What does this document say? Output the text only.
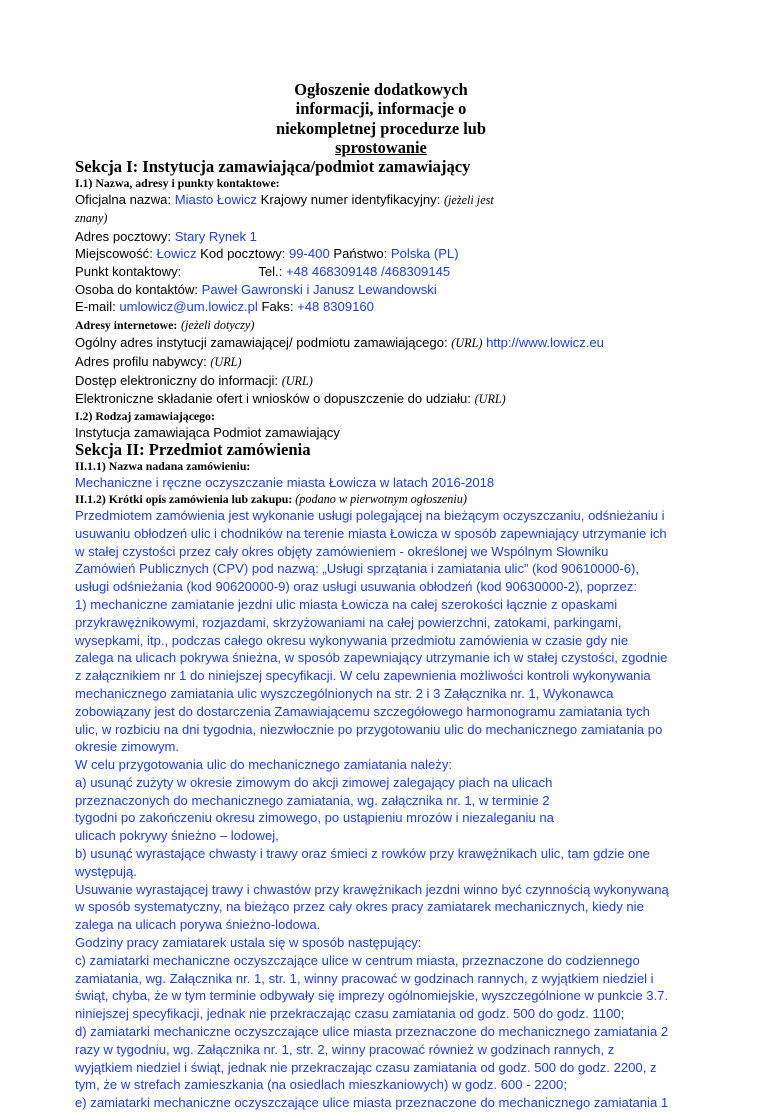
Ogłoszenie dodatkowych
informacji, informacje o
niekompletnej procedurze lub
sprostowanie
Sekcja I: Instytucja zamawiająca/podmiot zamawiający
I.1) Nazwa, adresy i punkty kontaktowe:
Oficjalna nazwa: Miasto Łowicz Krajowy numer identyfikacyjny: (jeżeli jest
znany)
Adres pocztowy: Stary Rynek 1
Miejscowość: Łowicz Kod pocztowy: 99-400 Państwo: Polska (PL)
Punkt kontaktowy:	Tel.: +48 468309148 /468309145
Osoba do kontaktów: Paweł Gawronski i Janusz Lewandowski
E-mail: umlowicz@um.lowicz.pl Faks: +48 8309160
Adresy internetowe: (jeżeli dotyczy)
Ogólny adres instytucji zamawiającej/ podmiotu zamawiającego: (URL) http://www.lowicz.eu
Adres profilu nabywcy: (URL)
Dostęp elektroniczny do informacji: (URL)
Elektroniczne składanie ofert i wniosków o dopuszczenie do udziału: (URL)
I.2) Rodzaj zamawiającego:
Instytucja zamawiająca Podmiot zamawiający
Sekcja II: Przedmiot zamówienia
II.1.1) Nazwa nadana zamówieniu:
Mechaniczne i ręczne oczyszczanie miasta Łowicza w latach 2016-2018
II.1.2) Krótki opis zamówienia lub zakupu: (podano w pierwotnym ogłoszeniu)
Przedmiotem zamówienia jest wykonanie usługi polegającej na bieżącym oczyszczaniu, odśnieżaniu i
usuwaniu obłodzeń ulic i chodników na terenie miasta Łowicza w sposób zapewniający utrzymanie ich
w stałej czystości przez cały okres objęty zamówieniem - określonej we Wspólnym Słowniku
Zamówień Publicznych (CPV) pod nazwą: „Usługi sprzątania i zamiatania ulic” (kod 90610000-6),
usługi odśnieżania (kod 90620000-9) oraz usługi usuwania obłodzeń (kod 90630000-2), poprzez:
1) mechaniczne zamiatanie jezdni ulic miasta Łowicza na całej szerokości łącznie z opaskami
przykrawężnikowymi, rozjazdami, skrzyżowaniami na całej powierzchni, zatokami, parkingami,
wysepkami, itp., podczas całego okresu wykonywania przedmiotu zamówienia w czasie gdy nie
zalega na ulicach pokrywa śnieżna, w sposób zapewniający utrzymanie ich w stałej czystości, zgodnie
z załącznikiem nr 1 do niniejszej specyfikacji. W celu zapewnienia możliwości kontroli wykonywania
mechanicznego zamiatania ulic wyszczególnionych na str. 2 i 3 Załącznika nr. 1, Wykonawca
zobowiązany jest do dostarczenia Zamawiającemu szczegółowego harmonogramu zamiatania tych
ulic, w rozbiciu na dni tygodnia, niezwłocznie po przygotowaniu ulic do mechanicznego zamiatania po
okresie zimowym.
W celu przygotowania ulic do mechanicznego zamiatania należy:
a) usunąć zużyty w okresie zimowym do akcji zimowej zalegający piach na ulicach
przeznaczonych do mechanicznego zamiatania, wg. załącznika nr. 1, w terminie 2
tygodni po zakończeniu okresu zimowego, po ustąpieniu mrozów i niezaleganiu na
ulicach pokrywy śnieżno – lodowej,
b) usunąć wyrastające chwasty i trawy oraz śmieci z rowków przy krawężnikach ulic, tam gdzie one
występują.
Usuwanie wyrastającej trawy i chwastów przy krawężnikach jezdni winno być czynnością wykonywaną
w sposób systematyczny, na bieżąco przez cały okres pracy zamiatarek mechanicznych, kiedy nie
zalega na ulicach porywa śnieżno-lodowa.
Godziny pracy zamiatarek ustala się w sposób następujący:
c) zamiatarki mechaniczne oczyszczające ulice w centrum miasta, przeznaczone do codziennego
zamiatania, wg. Załącznika nr. 1, str. 1, winny pracować w godzinach rannych, z wyjątkiem niedziel i
świąt, chyba, że w tym terminie odbywały się imprezy ogólnomiejskie, wyszczególnione w punkcie 3.7.
niniejszej specyfikacji, jednak nie przekraczając czasu zamiatania od godz. 500 do godz. 1100;
d) zamiatarki mechaniczne oczyszczające ulice miasta przeznaczone do mechanicznego zamiatania 2
razy w tygodniu, wg. Załącznika nr. 1, str. 2, winny pracować również w godzinach rannych, z
wyjątkiem niedziel i świąt, jednak nie przekraczając czasu zamiatania od godz. 500 do godz. 2200, z
tym, że w strefach zamieszkania (na osiedlach mieszkaniowych) w godz. 600 - 2200;
e) zamiatarki mechaniczne oczyszczające ulice miasta przeznaczone do mechanicznego zamiatania 1
